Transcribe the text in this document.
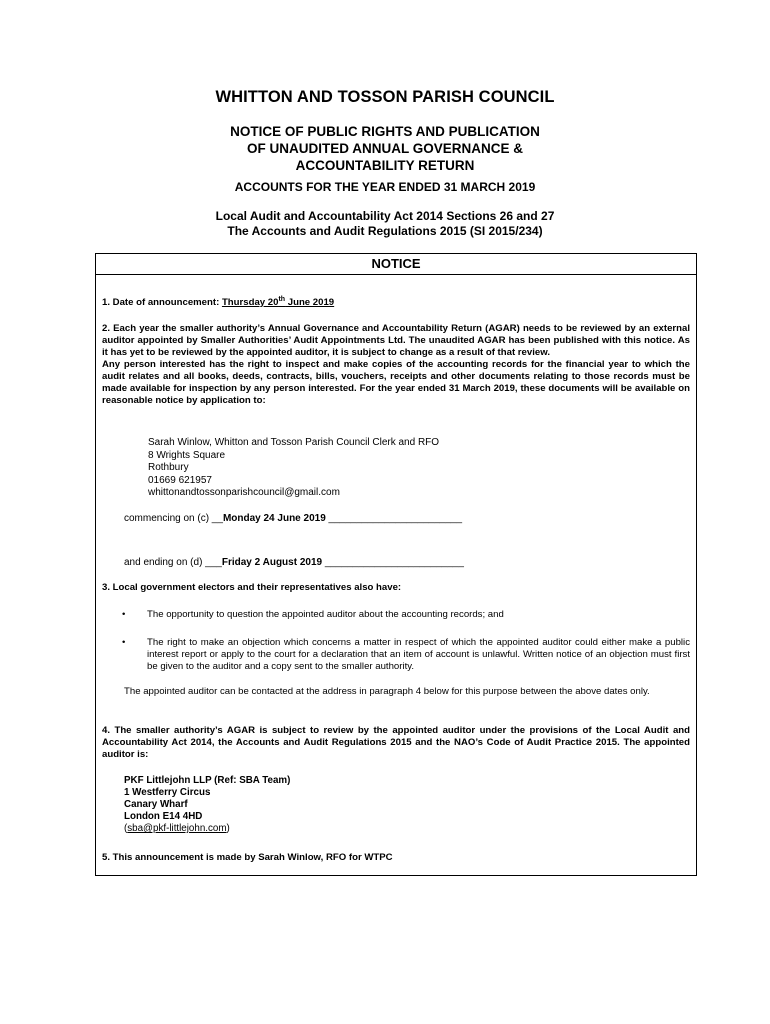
WHITTON AND TOSSON PARISH COUNCIL
NOTICE OF PUBLIC RIGHTS AND PUBLICATION
OF UNAUDITED ANNUAL GOVERNANCE &
ACCOUNTABILITY RETURN
ACCOUNTS FOR THE YEAR ENDED 31 MARCH 2019
Local Audit and Accountability Act 2014 Sections 26 and 27
The Accounts and Audit Regulations 2015 (SI 2015/234)
NOTICE
1. Date of announcement: Thursday 20th June 2019
2. Each year the smaller authority’s Annual Governance and Accountability Return (AGAR) needs to be reviewed by an external auditor appointed by Smaller Authorities’ Audit Appointments Ltd. The unaudited AGAR has been published with this notice. As it has yet to be reviewed by the appointed auditor, it is subject to change as a result of that review.
Any person interested has the right to inspect and make copies of the accounting records for the financial year to which the audit relates and all books, deeds, contracts, bills, vouchers, receipts and other documents relating to those records must be made available for inspection by any person interested. For the year ended 31 March 2019, these documents will be available on reasonable notice by application to:
Sarah Winlow, Whitton and Tosson Parish Council Clerk and RFO
8 Wrights Square
Rothbury
01669 621957
whittonandtossonparishcouncil@gmail.com
commencing on (c) __Monday 24 June 2019 ________________________
and ending on (d) ___Friday 2 August 2019 _________________________
3. Local government electors and their representatives also have:
•	The opportunity to question the appointed auditor about the accounting records; and
•	The right to make an objection which concerns a matter in respect of which the appointed auditor could either make a public interest report or apply to the court for a declaration that an item of account is unlawful. Written notice of an objection must first be given to the auditor and a copy sent to the smaller authority.
The appointed auditor can be contacted at the address in paragraph 4 below for this purpose between the above dates only.
4. The smaller authority’s AGAR is subject to review by the appointed auditor under the provisions of the Local Audit and Accountability Act 2014, the Accounts and Audit Regulations 2015 and the NAO’s Code of Audit Practice 2015. The appointed auditor is:
PKF Littlejohn LLP (Ref: SBA Team)
1 Westferry Circus
Canary Wharf
London E14 4HD
(sba@pkf-littlejohn.com)
5. This announcement is made by Sarah Winlow, RFO for WTPC
